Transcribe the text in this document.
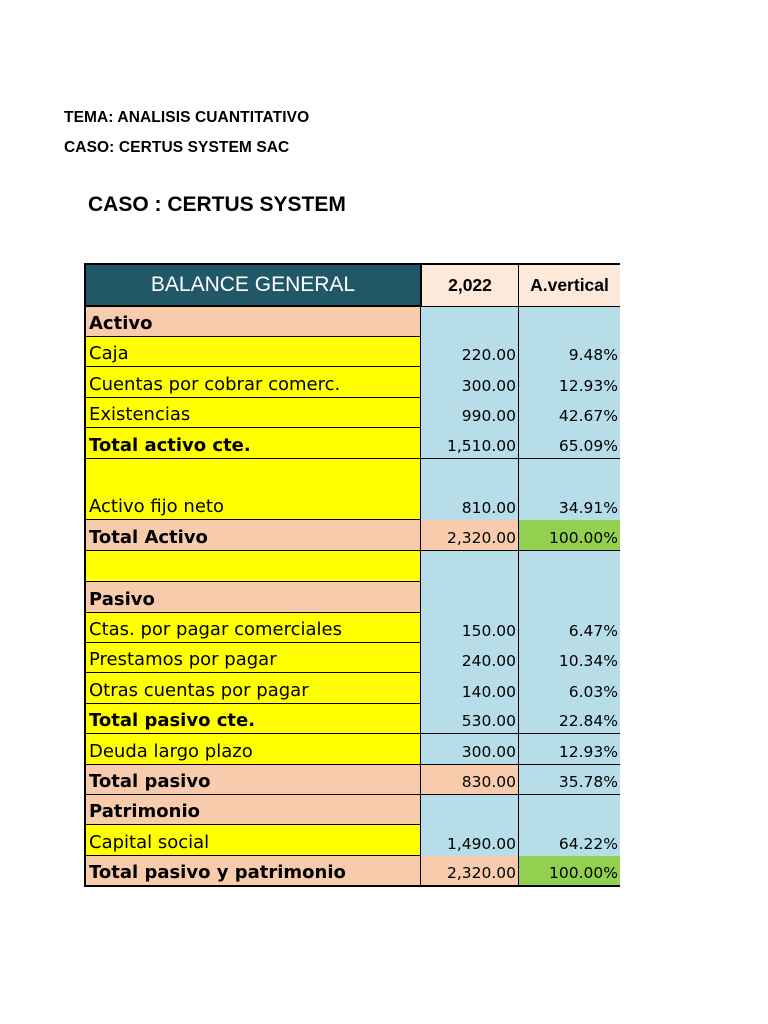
TEMA: ANALISIS CUANTITATIVO
CASO: CERTUS SYSTEM SAC
CASO : CERTUS SYSTEM
BALANCE GENERAL	2,022	A.vertical
Activo
Caja	220.00	9.48%
Cuentas por cobrar comerc.	300.00	12.93%
Existencias	990.00	42.67%
Total activo cte.	1,510.00	65.09%
Activo fijo neto	810.00	34.91%
Total Activo	2,320.00	100.00%
Pasivo
Ctas. por pagar comerciales	150.00	6.47%
Prestamos por pagar	240.00	10.34%
Otras cuentas por pagar	140.00	6.03%
Total pasivo cte.	530.00	22.84%
Deuda largo plazo	300.00	12.93%
Total pasivo	830.00	35.78%
Patrimonio
Capital social	1,490.00	64.22%
Total pasivo y patrimonio	2,320.00	100.00%
